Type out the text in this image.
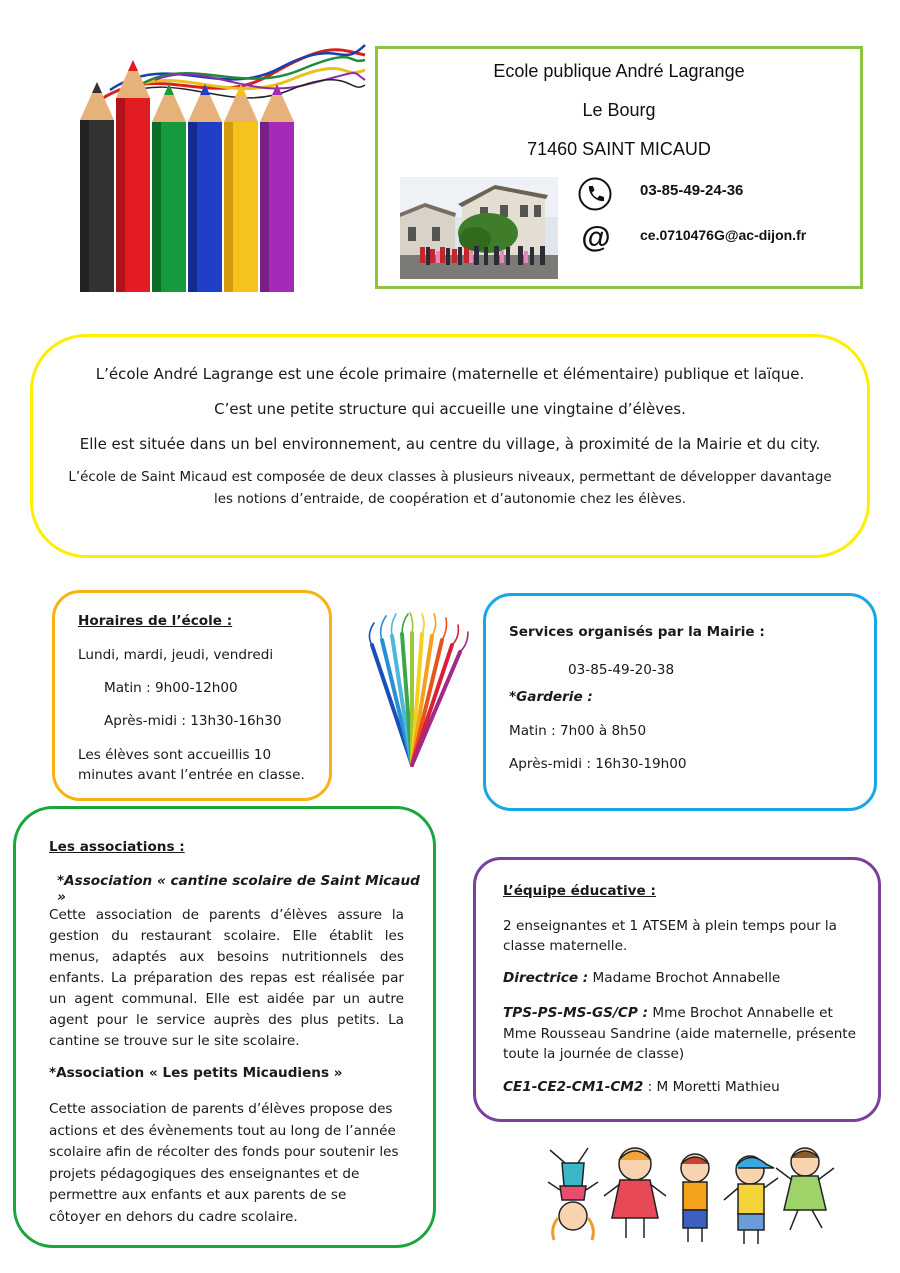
Ecole publique André Lagrange
Le Bourg
71460 SAINT MICAUD
@
03-85-49-24-36
ce.0710476G@ac-dijon.fr
L’école André Lagrange est une école primaire (maternelle et élémentaire) publique et laïque.
C’est une petite structure qui accueille une vingtaine d’élèves.
Elle est située dans un bel environnement, au centre du village, à proximité de la Mairie et du city.
L’école de Saint Micaud est composée de deux classes à plusieurs niveaux, permettant de développer davantage
les notions d’entraide, de coopération et d’autonomie chez les élèves.

Horaires de l’école :

Lundi, mardi, jeudi, vendredi

Matin : 9h00-12h00

Après-midi : 13h30-16h30

Les élèves sont accueillis 10 minutes avant l’entrée en classe.

Services organisés par la Mairie :

03-85-49-20-38

*Garderie :

Matin : 7h00 à 8h50

Après-midi : 16h30-19h00

Les associations :

*Association « cantine scolaire de Saint Micaud »

Cette association de parents d’élèves assure la gestion du restaurant scolaire. Elle établit les menus, adaptés aux besoins nutritionnels des enfants. La préparation des repas est réalisée par un agent communal. Elle est aidée par un autre agent pour le service auprès des plus petits. La cantine se trouve sur le site scolaire.

*Association « Les petits Micaudiens »

Cette association de parents d’élèves propose des actions et des évènements tout au long de l’année scolaire afin de récolter des fonds pour soutenir les projets pédagogiques des enseignantes et de permettre aux enfants et aux parents de se côtoyer en dehors du cadre scolaire.

L’équipe éducative :

2 enseignantes et 1 ATSEM à plein temps pour la classe maternelle.

Directrice : Madame Brochot Annabelle

TPS-PS-MS-GS/CP : Mme Brochot Annabelle et Mme Rousseau Sandrine (aide maternelle, présente toute la journée de classe)

CE1-CE2-CM1-CM2 : M Moretti Mathieu
